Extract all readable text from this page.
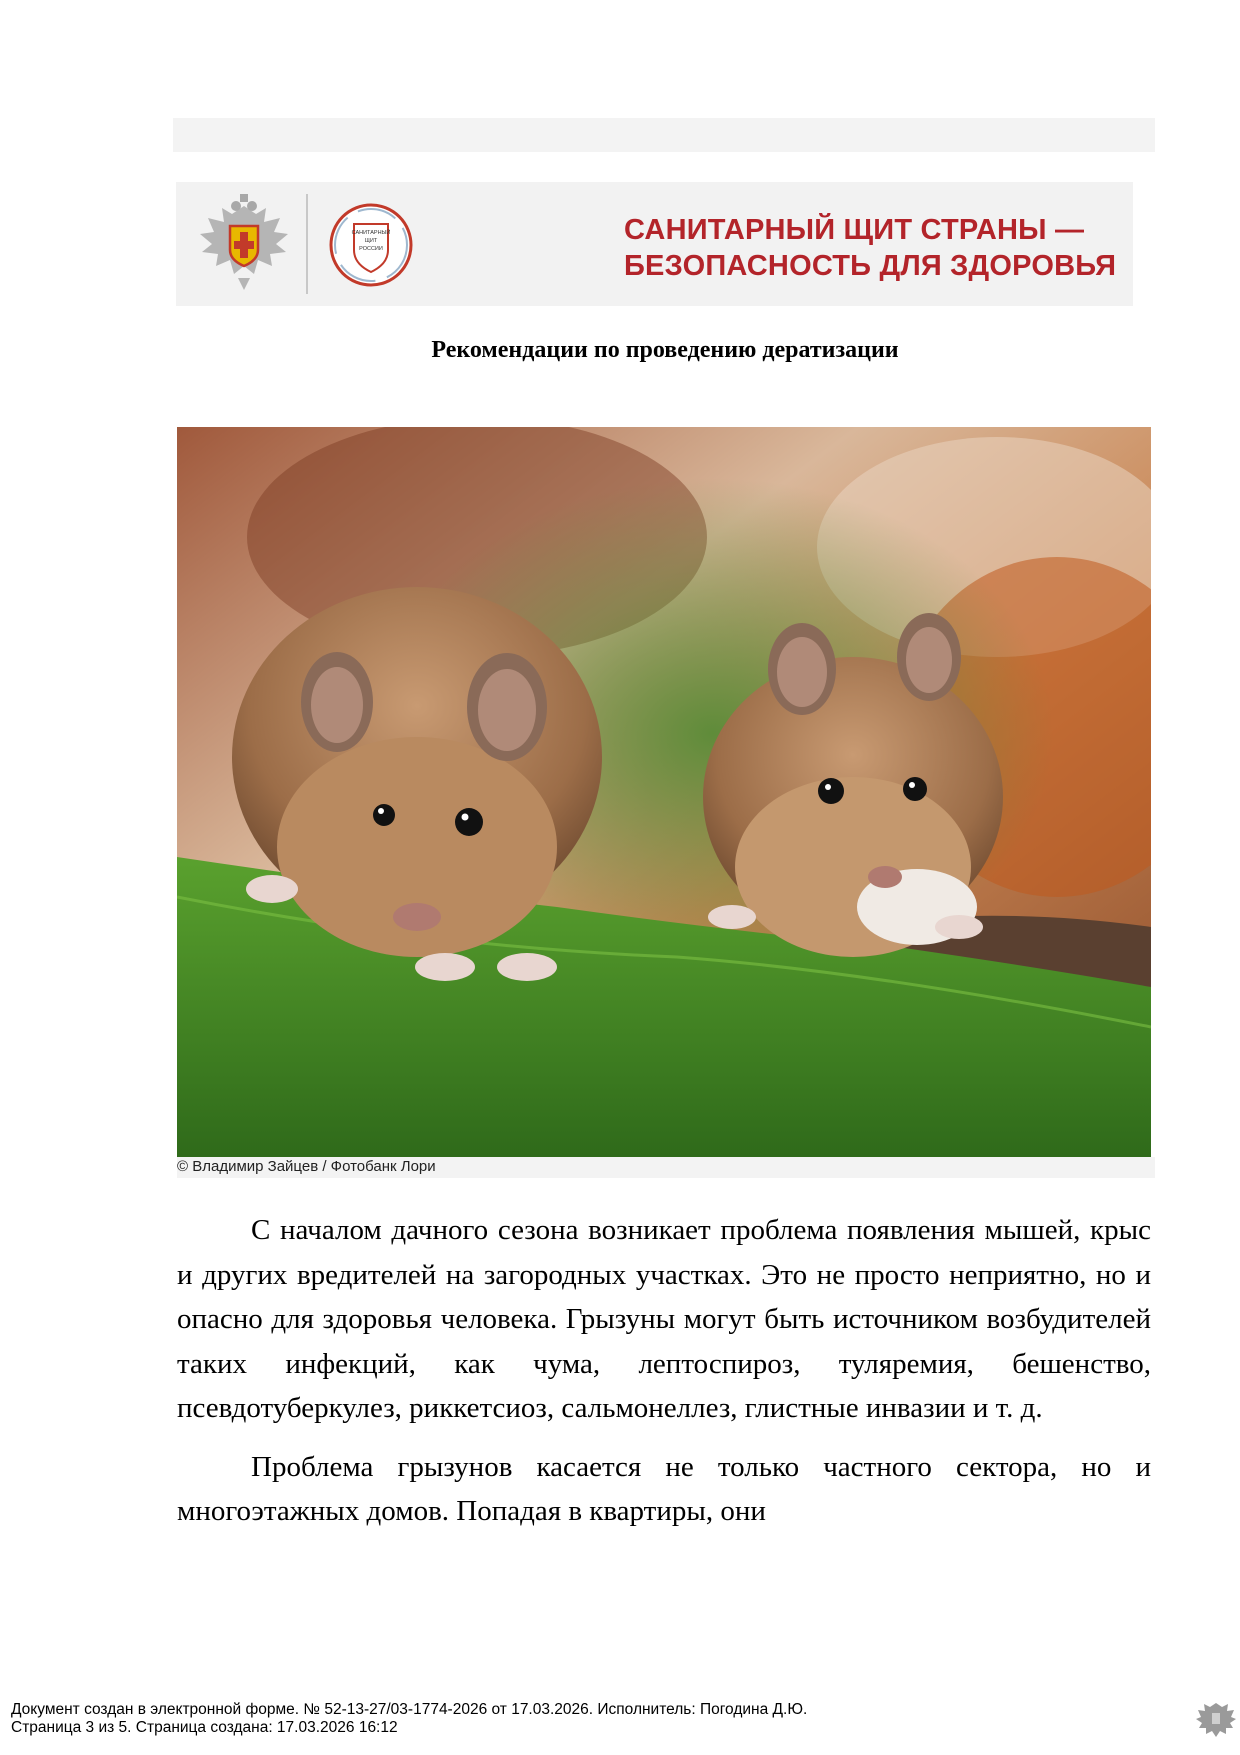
САНИТАРНЫЙ
ЩИТ
РОССИИ
САНИТАРНЫЙ ЩИТ СТРАНЫ —
БЕЗОПАСНОСТЬ ДЛЯ ЗДОРОВЬЯ
Рекомендации по проведению дератизации
© Владимир Зайцев / Фотобанк Лори

С началом дачного сезона возникает проблема появления мышей, крыс и других вредителей на загородных участках. Это не просто неприятно, но и опасно для здоровья человека. Грызуны могут быть источником возбудителей таких инфекций, как чума, лептоспироз, туляремия, бешенство, псевдотуберкулез, риккетсиоз, сальмонеллез, глистные инвазии и т. д.

Проблема грызунов касается не только частного сектора, но и многоэтажных домов. Попадая в квартиры, они

Документ создан в электронной форме. № 52-13-27/03-1774-2026 от 17.03.2026. Исполнитель: Погодина Д.Ю.
Страница 3 из 5. Страница создана: 17.03.2026 16:12
